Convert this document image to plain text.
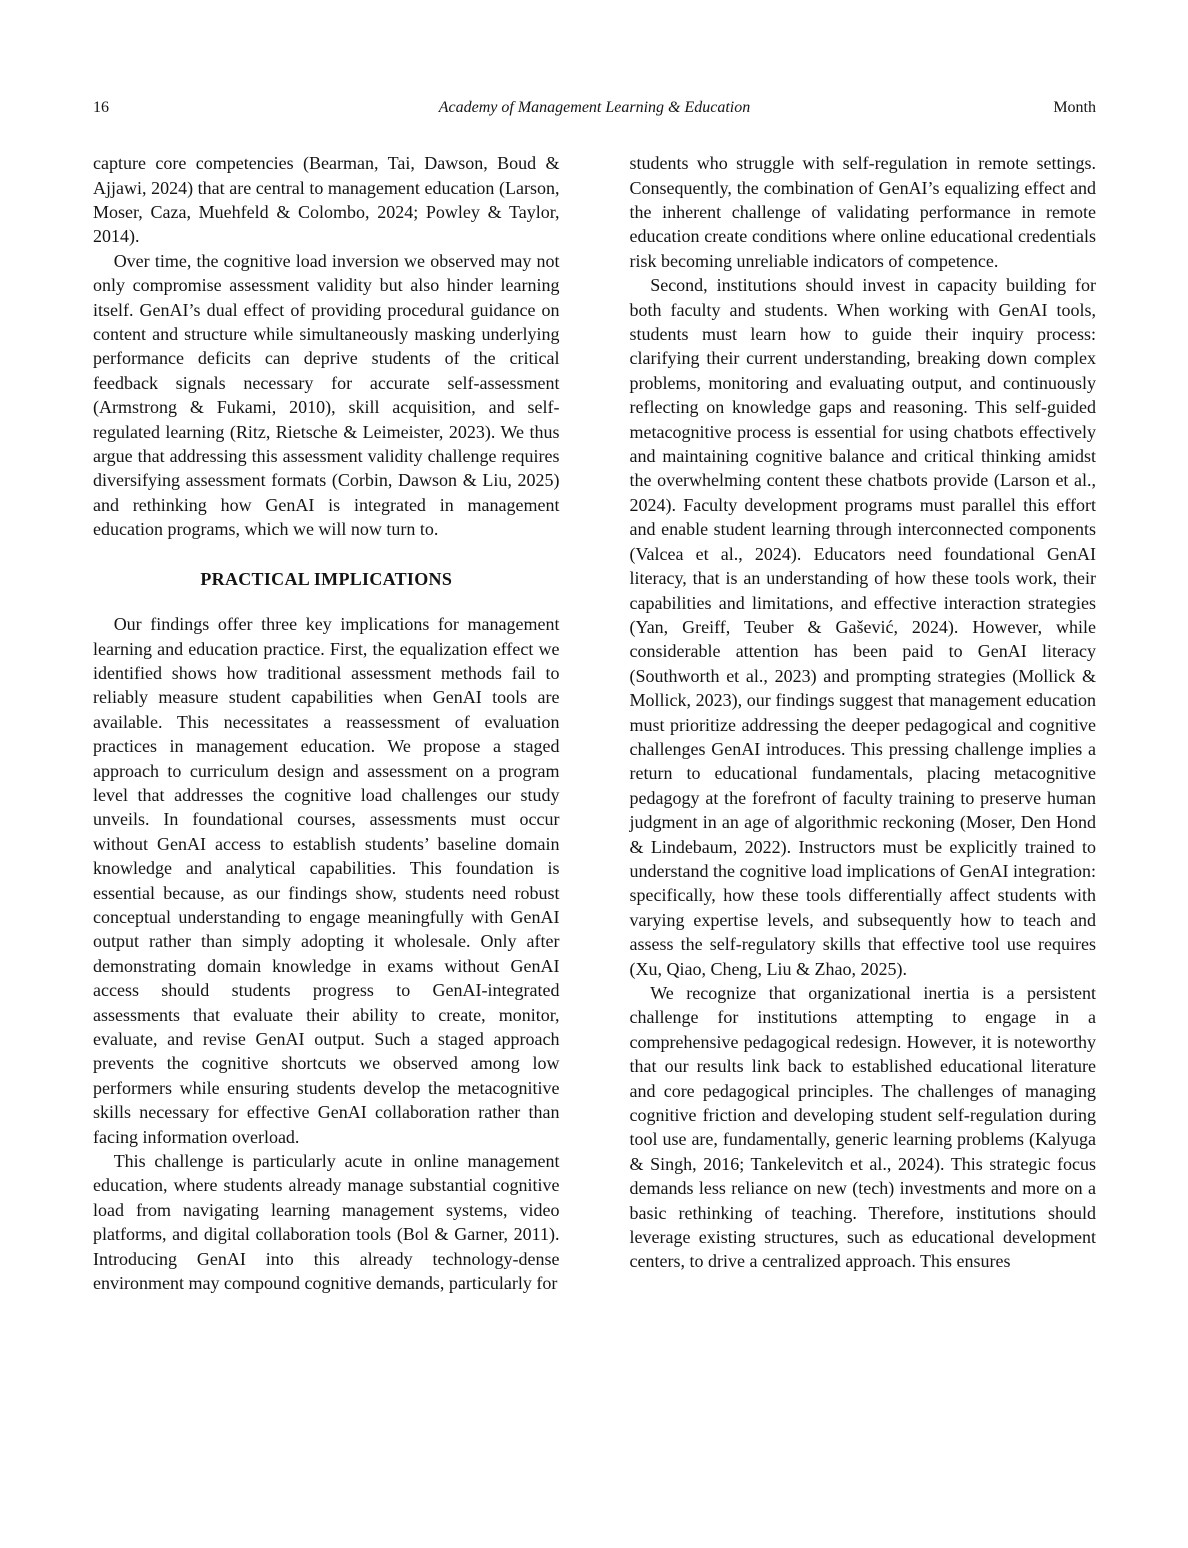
16	Academy of Management Learning & Education	Month

capture core competencies (Bearman, Tai, Dawson, Boud & Ajjawi, 2024) that are central to management education (Larson, Moser, Caza, Muehfeld & Colombo, 2024; Powley & Taylor, 2014).

Over time, the cognitive load inversion we observed may not only compromise assessment validity but also hinder learning itself. GenAI’s dual effect of providing procedural guidance on content and structure while simultaneously masking underlying performance deficits can deprive students of the critical feedback signals necessary for accurate self-assessment (Armstrong & Fukami, 2010), skill acquisition, and self-regulated learning (Ritz, Rietsche & Leimeister, 2023). We thus argue that addressing this assessment validity challenge requires diversifying assessment formats (Corbin, Dawson & Liu, 2025) and rethinking how GenAI is integrated in management education programs, which we will now turn to.

PRACTICAL IMPLICATIONS

Our findings offer three key implications for management learning and education practice. First, the equalization effect we identified shows how traditional assessment methods fail to reliably measure student capabilities when GenAI tools are available. This necessitates a reassessment of evaluation practices in management education. We propose a staged approach to curriculum design and assessment on a program level that addresses the cognitive load challenges our study unveils. In foundational courses, assessments must occur without GenAI access to establish students’ baseline domain knowledge and analytical capabilities. This foundation is essential because, as our findings show, students need robust conceptual understanding to engage meaningfully with GenAI output rather than simply adopting it wholesale. Only after demonstrating domain knowledge in exams without GenAI access should students progress to GenAI-integrated assessments that evaluate their ability to create, monitor, evaluate, and revise GenAI output. Such a staged approach prevents the cognitive shortcuts we observed among low performers while ensuring students develop the metacognitive skills necessary for effective GenAI collaboration rather than facing information overload.

This challenge is particularly acute in online management education, where students already manage substantial cognitive load from navigating learning management systems, video platforms, and digital collaboration tools (Bol & Garner, 2011). Introducing GenAI into this already technology-dense environment may compound cognitive demands, particularly for

students who struggle with self-regulation in remote settings. Consequently, the combination of GenAI’s equalizing effect and the inherent challenge of validating performance in remote education create conditions where online educational credentials risk becoming unreliable indicators of competence.

Second, institutions should invest in capacity building for both faculty and students. When working with GenAI tools, students must learn how to guide their inquiry process: clarifying their current understanding, breaking down complex problems, monitoring and evaluating output, and continuously reflecting on knowledge gaps and reasoning. This self-guided metacognitive process is essential for using chatbots effectively and maintaining cognitive balance and critical thinking amidst the overwhelming content these chatbots provide (Larson et al., 2024). Faculty development programs must parallel this effort and enable student learning through interconnected components (Valcea et al., 2024). Educators need foundational GenAI literacy, that is an understanding of how these tools work, their capabilities and limitations, and effective interaction strategies (Yan, Greiff, Teuber & Gašević, 2024). However, while considerable attention has been paid to GenAI literacy (Southworth et al., 2023) and prompting strategies (Mollick & Mollick, 2023), our findings suggest that management education must prioritize addressing the deeper pedagogical and cognitive challenges GenAI introduces. This pressing challenge implies a return to educational fundamentals, placing metacognitive pedagogy at the forefront of faculty training to preserve human judgment in an age of algorithmic reckoning (Moser, Den Hond & Lindebaum, 2022). Instructors must be explicitly trained to understand the cognitive load implications of GenAI integration: specifically, how these tools differentially affect students with varying expertise levels, and subsequently how to teach and assess the self-regulatory skills that effective tool use requires (Xu, Qiao, Cheng, Liu & Zhao, 2025).

We recognize that organizational inertia is a persistent challenge for institutions attempting to engage in a comprehensive pedagogical redesign. However, it is noteworthy that our results link back to established educational literature and core pedagogical principles. The challenges of managing cognitive friction and developing student self-regulation during tool use are, fundamentally, generic learning problems (Kalyuga & Singh, 2016; Tankelevitch et al., 2024). This strategic focus demands less reliance on new (tech) investments and more on a basic rethinking of teaching. Therefore, institutions should leverage existing structures, such as educational development centers, to drive a centralized approach. This ensures
